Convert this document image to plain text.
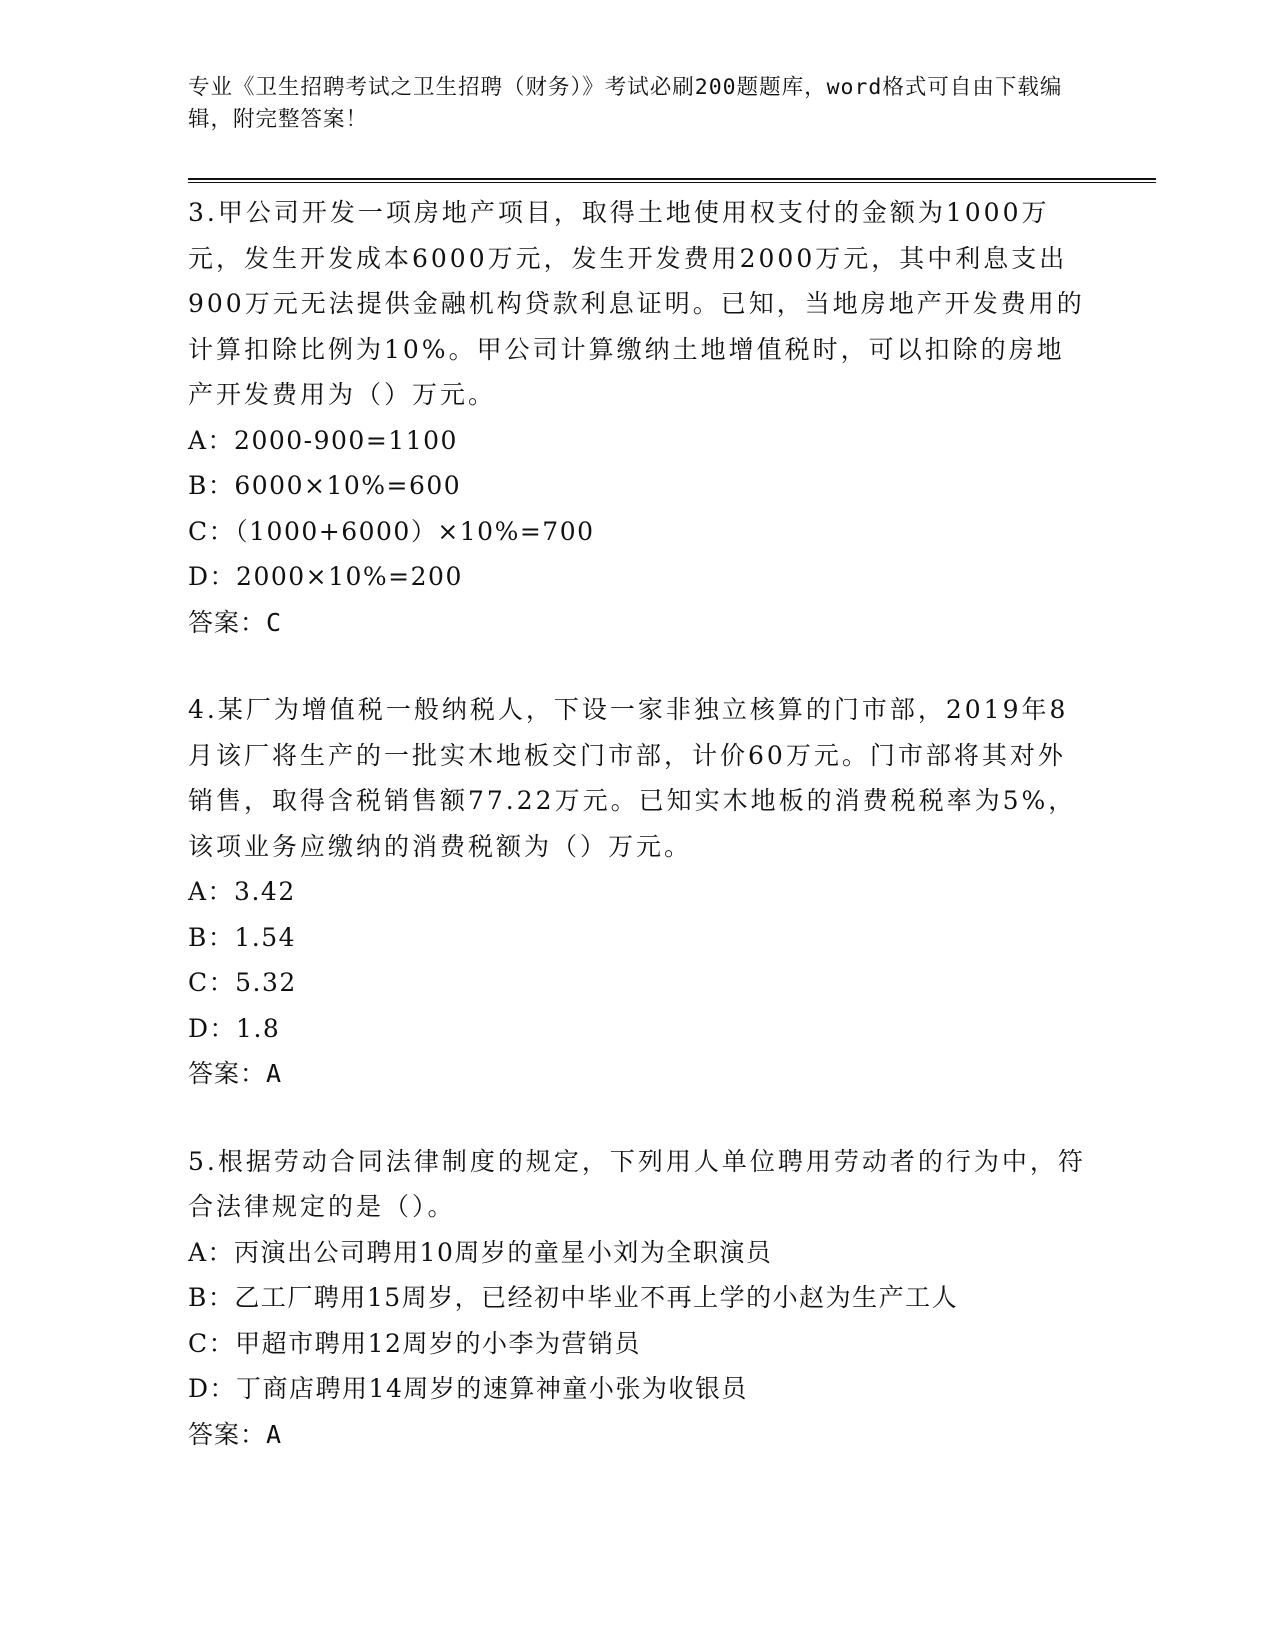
专业《卫生招聘考试之卫生招聘（财务）》考试必刷200题题库，word格式可自由下载编辑，附完整答案！

3.甲公司开发一项房地产项目，取得土地使用权支付的金额为1000万元，发生开发成本6000万元，发生开发费用2000万元，其中利息支出900万元无法提供金融机构贷款利息证明。已知，当地房地产开发费用的计算扣除比例为10%。甲公司计算缴纳土地增值税时，可以扣除的房地产开发费用为（）万元。

A：2000-900=1100
B：6000×10%=600
C：（1000+6000）×10%=700
D：2000×10%=200
答案：C

4.某厂为增值税一般纳税人，下设一家非独立核算的门市部，2019年8月该厂将生产的一批实木地板交门市部，计价60万元。门市部将其对外销售，取得含税销售额77.22万元。已知实木地板的消费税税率为5%，该项业务应缴纳的消费税额为（）万元。

A：3.42
B：1.54
C：5.32
D：1.8
答案：A

5.根据劳动合同法律制度的规定，下列用人单位聘用劳动者的行为中，符合法律规定的是（）。

A：丙演出公司聘用10周岁的童星小刘为全职演员
B：乙工厂聘用15周岁，已经初中毕业不再上学的小赵为生产工人
C：甲超市聘用12周岁的小李为营销员
D：丁商店聘用14周岁的速算神童小张为收银员
答案：A
